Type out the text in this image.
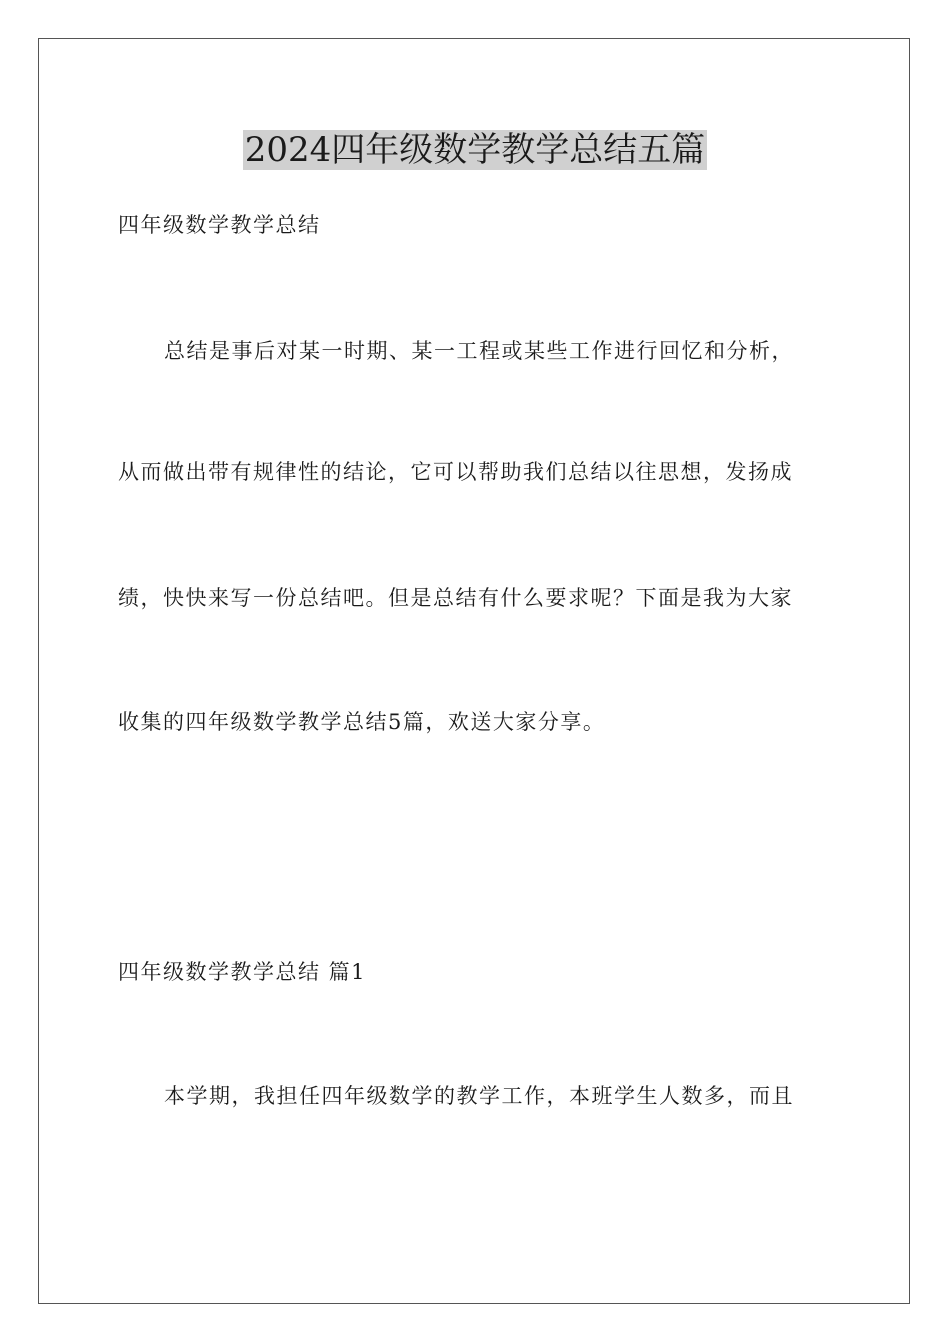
2024四年级数学教学总结五篇

四年级数学教学总结

总结是事后对某一时期、某一工程或某些工作进行回忆和分析，

从而做出带有规律性的结论，它可以帮助我们总结以往思想，发扬成

绩，快快来写一份总结吧。但是总结有什么要求呢？下面是我为大家

收集的四年级数学教学总结5篇，欢送大家分享。

四年级数学教学总结 篇1

本学期，我担任四年级数学的教学工作，本班学生人数多，而且
